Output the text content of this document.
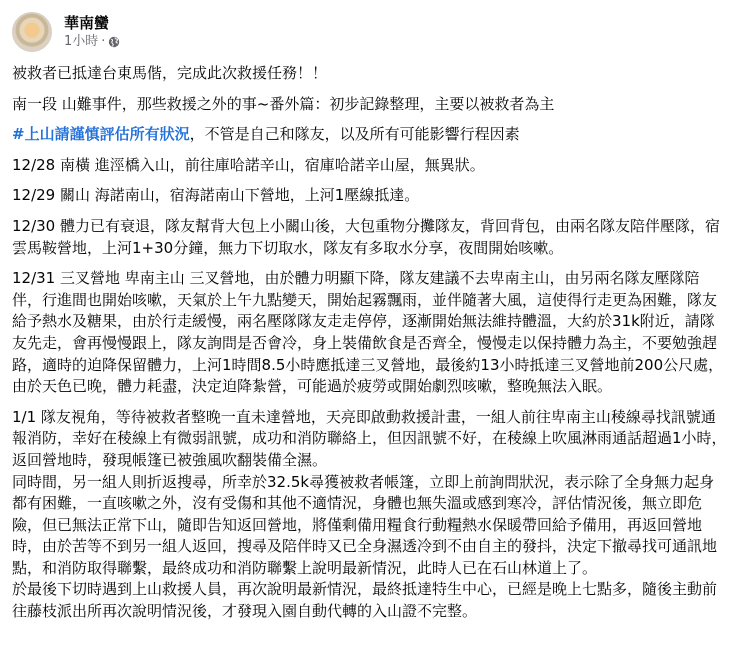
華南蠻
1小時 ·

被救者已抵達台東馬偕，完成此次救援任務！！

南一段 山難事件，那些救援之外的事~番外篇：初步記錄整理，主要以被救者為主

#上山請謹慎評估所有狀況，不管是自己和隊友，以及所有可能影響行程因素

12/28 南橫 進涇橋入山，前往庫哈諾辛山，宿庫哈諾辛山屋，無異狀。

12/29 關山 海諾南山，宿海諾南山下營地，上河1壓線抵達。

12/30 體力已有衰退，隊友幫背大包上小關山後，大包重物分攤隊友，背回背包，由兩名隊友陪伴壓隊，宿雲馬鞍營地，上河1+30分鐘，無力下切取水，隊友有多取水分享，夜間開始咳嗽。

12/31 三叉營地 卑南主山 三叉營地，由於體力明顯下降，隊友建議不去卑南主山，由另兩名隊友壓隊陪伴，行進間也開始咳嗽，天氣於上午九點變天，開始起霧飄雨，並伴隨著大風，這使得行走更為困難，隊友給予熱水及糖果，由於行走緩慢，兩名壓隊隊友走走停停，逐漸開始無法維持體溫，大約於31k附近，請隊友先走，會再慢慢跟上，隊友詢問是否會冷，身上裝備飲食是否齊全，慢慢走以保持體力為主，不要勉強趕路，適時的迫降保留體力，上河1時間8.5小時應抵達三叉營地，最後約13小時抵達三叉營地前200公尺處，由於天色已晚，體力耗盡，決定迫降紮營，可能過於疲勞或開始劇烈咳嗽，整晚無法入眠。

1/1 隊友視角，等待被救者整晚一直未達營地，天亮即啟動救援計畫，一組人前往卑南主山稜線尋找訊號通報消防，幸好在稜線上有微弱訊號，成功和消防聯絡上，但因訊號不好，在稜線上吹風淋雨通話超過1小時，返回營地時，發現帳篷已被強風吹翻裝備全濕。

同時間，另一組人則折返搜尋，所幸於32.5k尋獲被救者帳篷，立即上前詢問狀況，表示除了全身無力起身都有困難，一直咳嗽之外，沒有受傷和其他不適情況，身體也無失溫或感到寒冷，評估情況後，無立即危險，但已無法正常下山，隨即告知返回營地，將僅剩備用糧食行動糧熱水保暖帶回給予備用，再返回營地時，由於苦等不到另一組人返回，搜尋及陪伴時又已全身濕透冷到不由自主的發抖，決定下撤尋找可通訊地點，和消防取得聯繫，最終成功和消防聯繫上說明最新情況，此時人已在石山林道上了。

於最後下切時遇到上山救援人員，再次說明最新情況，最終抵達特生中心，已經是晚上七點多，隨後主動前往藤枝派出所再次說明情況後，才發現入園自動代轉的入山證不完整。
